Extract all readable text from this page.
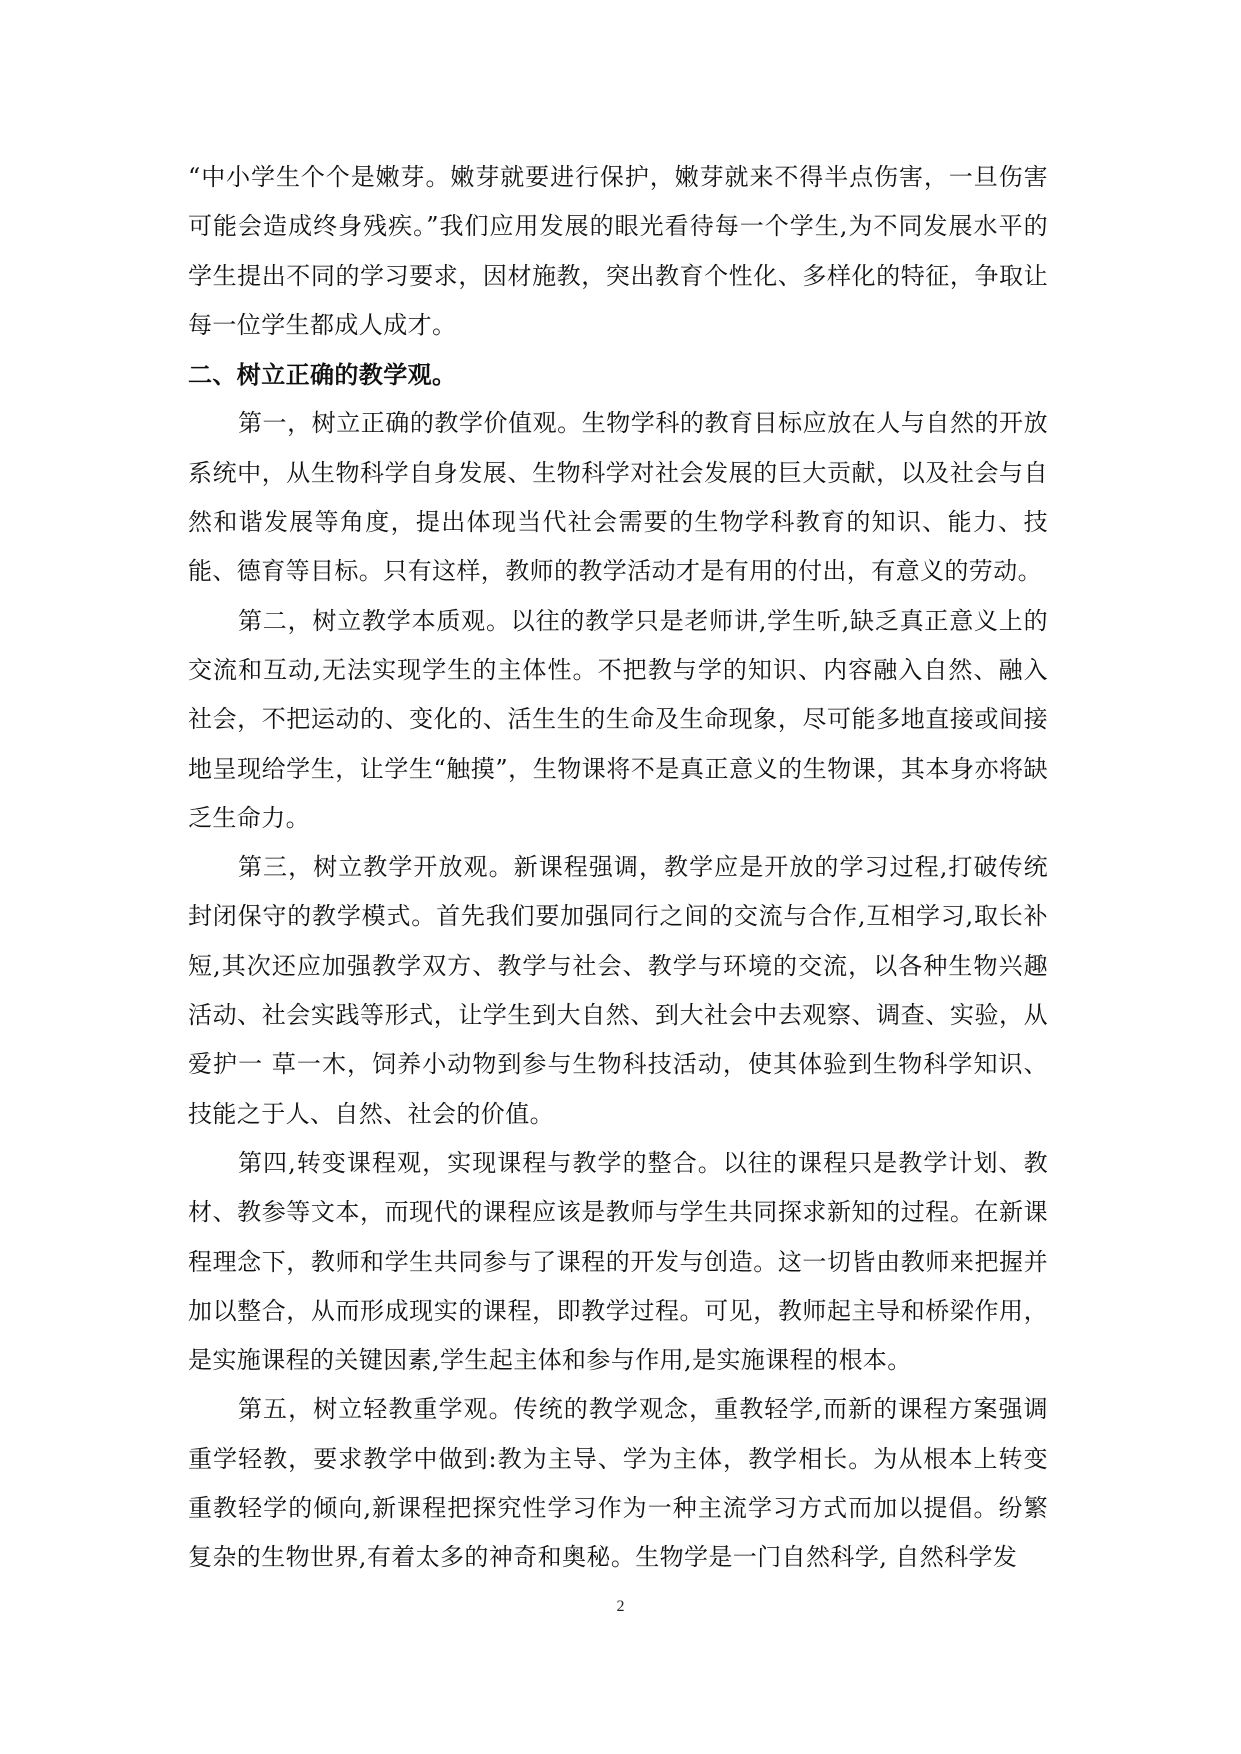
“中小学生个个是嫩芽。嫩芽就要进行保护，嫩芽就来不得半点伤害，一旦伤害可能会造成终身残疾。”我们应用发展的眼光看待每一个学生,为不同发展水平的学生提出不同的学习要求，因材施教，突出教育个性化、多样化的特征，争取让每一位学生都成人成才。

二、树立正确的教学观。

第一，树立正确的教学价值观。生物学科的教育目标应放在人与自然的开放系统中，从生物科学自身发展、生物科学对社会发展的巨大贡献，以及社会与自然和谐发展等角度，提出体现当代社会需要的生物学科教育的知识、能力、技能、德育等目标。只有这样，教师的教学活动才是有用的付出，有意义的劳动。

第二，树立教学本质观。以往的教学只是老师讲,学生听,缺乏真正意义上的交流和互动,无法实现学生的主体性。不把教与学的知识、内容融入自然、融入社会，不把运动的、变化的、活生生的生命及生命现象，尽可能多地直接或间接地呈现给学生，让学生“触摸”，生物课将不是真正意义的生物课，其本身亦将缺乏生命力。

第三，树立教学开放观。新课程强调，教学应是开放的学习过程,打破传统封闭保守的教学模式。首先我们要加强同行之间的交流与合作,互相学习,取长补短,其次还应加强教学双方、教学与社会、教学与环境的交流，以各种生物兴趣活动、社会实践等形式，让学生到大自然、到大社会中去观察、调查、实验，从爱护一 草一木，饲养小动物到参与生物科技活动，使其体验到生物科学知识、技能之于人、自然、社会的价值。

第四,转变课程观，实现课程与教学的整合。以往的课程只是教学计划、教材、教参等文本，而现代的课程应该是教师与学生共同探求新知的过程。在新课程理念下，教师和学生共同参与了课程的开发与创造。这一切皆由教师来把握并加以整合，从而形成现实的课程，即教学过程。可见，教师起主导和桥梁作用，是实施课程的关键因素,学生起主体和参与作用,是实施课程的根本。

第五，树立轻教重学观。传统的教学观念，重教轻学,而新的课程方案强调重学轻教，要求教学中做到:教为主导、学为主体，教学相长。为从根本上转变重教轻学的倾向,新课程把探究性学习作为一种主流学习方式而加以提倡。纷繁复杂的生物世界,有着太多的神奇和奥秘。生物学是一门自然科学, 自然科学发

2
